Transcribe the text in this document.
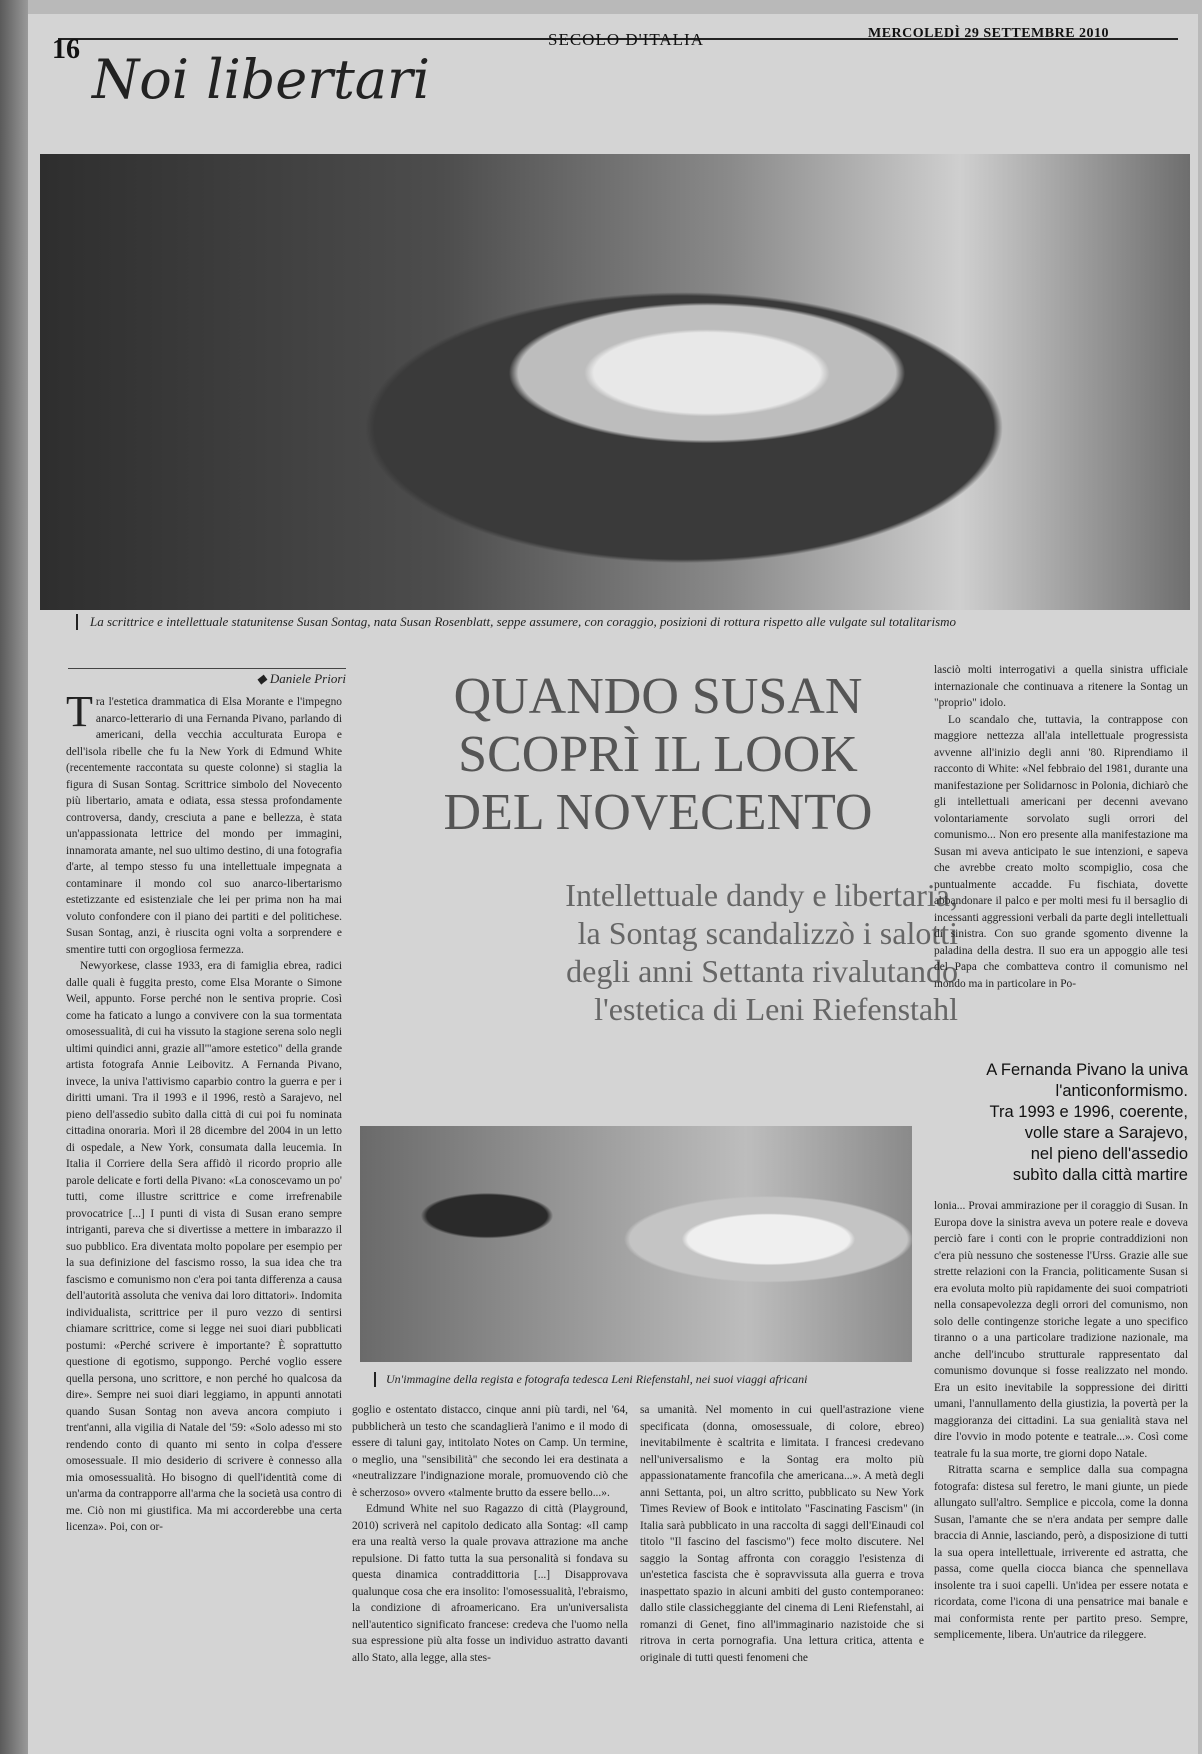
16 Noi libertari
SECOLO D'ITALIA	MERCOLEDÌ 29 SETTEMBRE 2010
La scrittrice e intellettuale statunitense Susan Sontag, nata Susan Rosenblatt, seppe assumere, con coraggio, posizioni di rottura rispetto alle vulgate sul totalitarismo
◆ Daniele Priori

Tra l'estetica drammatica di Elsa Morante e l'impegno anarco-letterario di una Fernanda Pivano, parlando di americani, della vecchia acculturata Europa e dell'isola ribelle che fu la New York di Edmund White (recentemente raccontata su queste colonne) si staglia la figura di Susan Sontag. Scrittrice simbolo del Novecento più libertario, amata e odiata, essa stessa profondamente controversa, dandy, cresciuta a pane e bellezza, è stata un'appassionata lettrice del mondo per immagini, innamorata amante, nel suo ultimo destino, di una fotografia d'arte, al tempo stesso fu una intellettuale impegnata a contaminare il mondo col suo anarco-libertarismo estetizzante ed esistenziale che lei per prima non ha mai voluto confondere con il piano dei partiti e del politichese. Susan Sontag, anzi, è riuscita ogni volta a sorprendere e smentire tutti con orgogliosa fermezza.

Newyorkese, classe 1933, era di famiglia ebrea, radici dalle quali è fuggita presto, come Elsa Morante o Simone Weil, appunto. Forse perché non le sentiva proprie. Così come ha faticato a lungo a convivere con la sua tormentata omosessualità, di cui ha vissuto la stagione serena solo negli ultimi quindici anni, grazie all'"amore estetico" della grande artista fotografa Annie Leibovitz. A Fernanda Pivano, invece, la univa l'attivismo caparbio contro la guerra e per i diritti umani. Tra il 1993 e il 1996, restò a Sarajevo, nel pieno dell'assedio subìto dalla città di cui poi fu nominata cittadina onoraria. Morì il 28 dicembre del 2004 in un letto di ospedale, a New York, consumata dalla leucemia. In Italia il Corriere della Sera affidò il ricordo proprio alle parole delicate e forti della Pivano: «La conoscevamo un po' tutti, come illustre scrittrice e come irrefrenabile provocatrice [...] I punti di vista di Susan erano sempre intriganti, pareva che si divertisse a mettere in imbarazzo il suo pubblico. Era diventata molto popolare per esempio per la sua definizione del fascismo rosso, la sua idea che tra fascismo e comunismo non c'era poi tanta differenza a causa dell'autorità assoluta che veniva dai loro dittatori». Indomita individualista, scrittrice per il puro vezzo di sentirsi chiamare scrittrice, come si legge nei suoi diari pubblicati postumi: «Perché scrivere è importante? È soprattutto questione di egotismo, suppongo. Perché voglio essere quella persona, uno scrittore, e non perché ho qualcosa da dire». Sempre nei suoi diari leggiamo, in appunti annotati quando Susan Sontag non aveva ancora compiuto i trent'anni, alla vigilia di Natale del '59: «Solo adesso mi sto rendendo conto di quanto mi sento in colpa d'essere omosessuale. Il mio desiderio di scrivere è connesso alla mia omosessualità. Ho bisogno di quell'identità come di un'arma da contrapporre all'arma che la società usa contro di me. Ciò non mi giustifica. Ma mi accorderebbe una certa licenza». Poi, con or-

QUANDO SUSAN
SCOPRÌ IL LOOK
DEL NOVECENTO
Intellettuale dandy e libertaria,
la Sontag scandalizzò i salotti
degli anni Settanta rivalutando
l'estetica di Leni Riefenstahl

lasciò molti interrogativi a quella sinistra ufficiale internazionale che continuava a ritenere la Sontag un "proprio" idolo.

Lo scandalo che, tuttavia, la contrappose con maggiore nettezza all'ala intellettuale progressista avvenne all'inizio degli anni '80. Riprendiamo il racconto di White: «Nel febbraio del 1981, durante una manifestazione per Solidarnosc in Polonia, dichiarò che gli intellettuali americani per decenni avevano volontariamente sorvolato sugli orrori del comunismo... Non ero presente alla manifestazione ma Susan mi aveva anticipato le sue intenzioni, e sapeva che avrebbe creato molto scompiglio, cosa che puntualmente accadde. Fu fischiata, dovette abbandonare il palco e per molti mesi fu il bersaglio di incessanti aggressioni verbali da parte degli intellettuali di sinistra. Con suo grande sgomento divenne la paladina della destra. Il suo era un appoggio alle tesi del Papa che combatteva contro il comunismo nel mondo ma in particolare in Po-

A Fernanda Pivano la univa
l'anticonformismo.
Tra 1993 e 1996, coerente,
volle stare a Sarajevo,
nel pieno dell'assedio
subìto dalla città martire
Un'immagine della regista e fotografa tedesca Leni Riefenstahl, nei suoi viaggi africani

goglio e ostentato distacco, cinque anni più tardi, nel '64, pubblicherà un testo che scandaglierà l'animo e il modo di essere di taluni gay, intitolato Notes on Camp. Un termine, o meglio, una "sensibilità" che secondo lei era destinata a «neutralizzare l'indignazione morale, promuovendo ciò che è scherzoso» ovvero «talmente brutto da essere bello...».

Edmund White nel suo Ragazzo di città (Playground, 2010) scriverà nel capitolo dedicato alla Sontag: «Il camp era una realtà verso la quale provava attrazione ma anche repulsione. Di fatto tutta la sua personalità si fondava su questa dinamica contraddittoria [...] Disapprovava qualunque cosa che era insolito: l'omosessualità, l'ebraismo, la condizione di afroamericano. Era un'universalista nell'autentico significato francese: credeva che l'uomo nella sua espressione più alta fosse un individuo astratto davanti allo Stato, alla legge, alla stes-

sa umanità. Nel momento in cui quell'astrazione viene specificata (donna, omosessuale, di colore, ebreo) inevitabilmente è scaltrita e limitata. I francesi credevano nell'universalismo e la Sontag era molto più appassionatamente francofila che americana...». A metà degli anni Settanta, poi, un altro scritto, pubblicato su New York Times Review of Book e intitolato "Fascinating Fascism" (in Italia sarà pubblicato in una raccolta di saggi dell'Einaudi col titolo "Il fascino del fascismo") fece molto discutere. Nel saggio la Sontag affronta con coraggio l'esistenza di un'estetica fascista che è sopravvissuta alla guerra e trova inaspettato spazio in alcuni ambiti del gusto contemporaneo: dallo stile classicheggiante del cinema di Leni Riefenstahl, ai romanzi di Genet, fino all'immaginario nazistoide che si ritrova in certa pornografia. Una lettura critica, attenta e originale di tutti questi fenomeni che

lonia... Provai ammirazione per il coraggio di Susan. In Europa dove la sinistra aveva un potere reale e doveva perciò fare i conti con le proprie contraddizioni non c'era più nessuno che sostenesse l'Urss. Grazie alle sue strette relazioni con la Francia, politicamente Susan si era evoluta molto più rapidamente dei suoi compatrioti nella consapevolezza degli orrori del comunismo, non solo delle contingenze storiche legate a uno specifico tiranno o a una particolare tradizione nazionale, ma anche dell'incubo strutturale rappresentato dal comunismo dovunque si fosse realizzato nel mondo. Era un esito inevitabile la soppressione dei diritti umani, l'annullamento della giustizia, la povertà per la maggioranza dei cittadini. La sua genialità stava nel dire l'ovvio in modo potente e teatrale...». Così come teatrale fu la sua morte, tre giorni dopo Natale.

Ritratta scarna e semplice dalla sua compagna fotografa: distesa sul feretro, le mani giunte, un piede allungato sull'altro. Semplice e piccola, come la donna Susan, l'amante che se n'era andata per sempre dalle braccia di Annie, lasciando, però, a disposizione di tutti la sua opera intellettuale, irriverente ed astratta, che passa, come quella ciocca bianca che spennellava insolente tra i suoi capelli. Un'idea per essere notata e ricordata, come l'icona di una pensatrice mai banale e mai conformista rente per partito preso. Sempre, semplicemente, libera. Un'autrice da rileggere.
